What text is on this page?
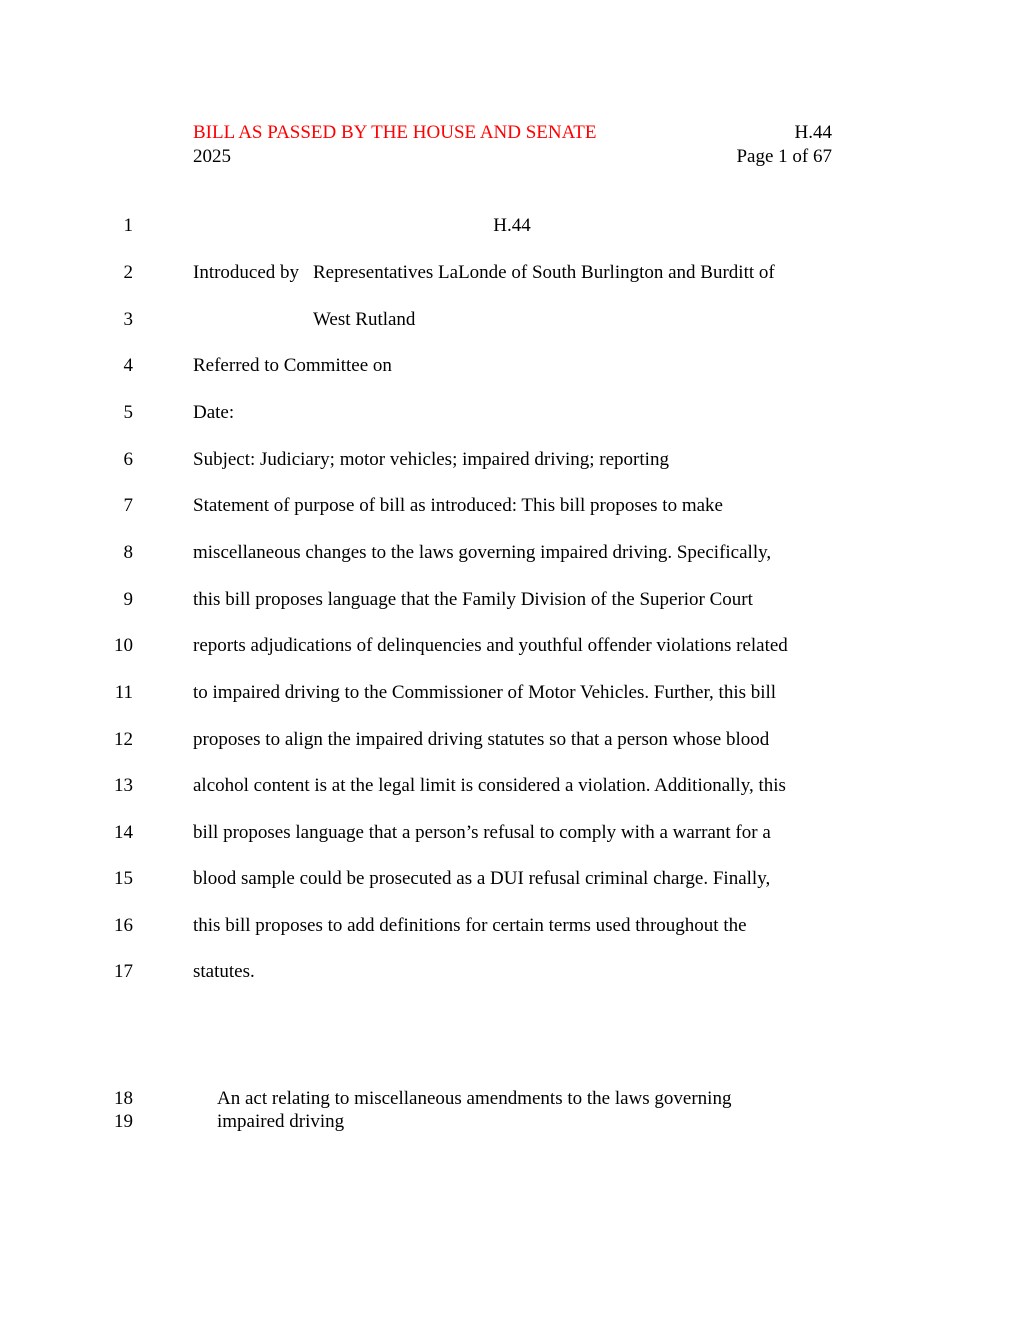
BILL AS PASSED BY THE HOUSE AND SENATE	H.44
2025	Page 1 of 67
1
2
3
4
5
6
7
8
9
10
11
12
13
14
15
16
17
18
19
H.44
Introduced by Representatives LaLonde of South Burlington and Burditt of
West Rutland
Referred to Committee on
Date:
Subject: Judiciary; motor vehicles; impaired driving; reporting
Statement of purpose of bill as introduced: This bill proposes to make
miscellaneous changes to the laws governing impaired driving. Specifically,
this bill proposes language that the Family Division of the Superior Court
reports adjudications of delinquencies and youthful offender violations related
to impaired driving to the Commissioner of Motor Vehicles. Further, this bill
proposes to align the impaired driving statutes so that a person whose blood
alcohol content is at the legal limit is considered a violation. Additionally, this
bill proposes language that a person’s refusal to comply with a warrant for a
blood sample could be prosecuted as a DUI refusal criminal charge. Finally,
this bill proposes to add definitions for certain terms used throughout the
statutes.
An act relating to miscellaneous amendments to the laws governing
impaired driving
